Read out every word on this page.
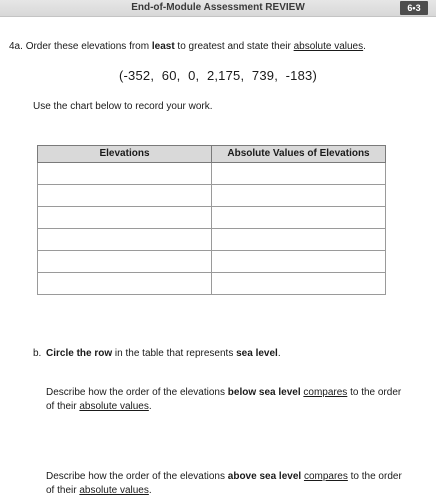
End-of-Module Assessment REVIEW	6•3
4a. Order these elevations from least to greatest and state their absolute values.
(-352,  60,  0,  2,175,  739,  -183)
Use the chart below to record your work.
Elevations	Absolute Values of Elevations

b. Circle the row in the table that represents sea level.
Describe how the order of the elevations below sea level compares to the order of their absolute values.
Describe how the order of the elevations above sea level compares to the order of their absolute values.
